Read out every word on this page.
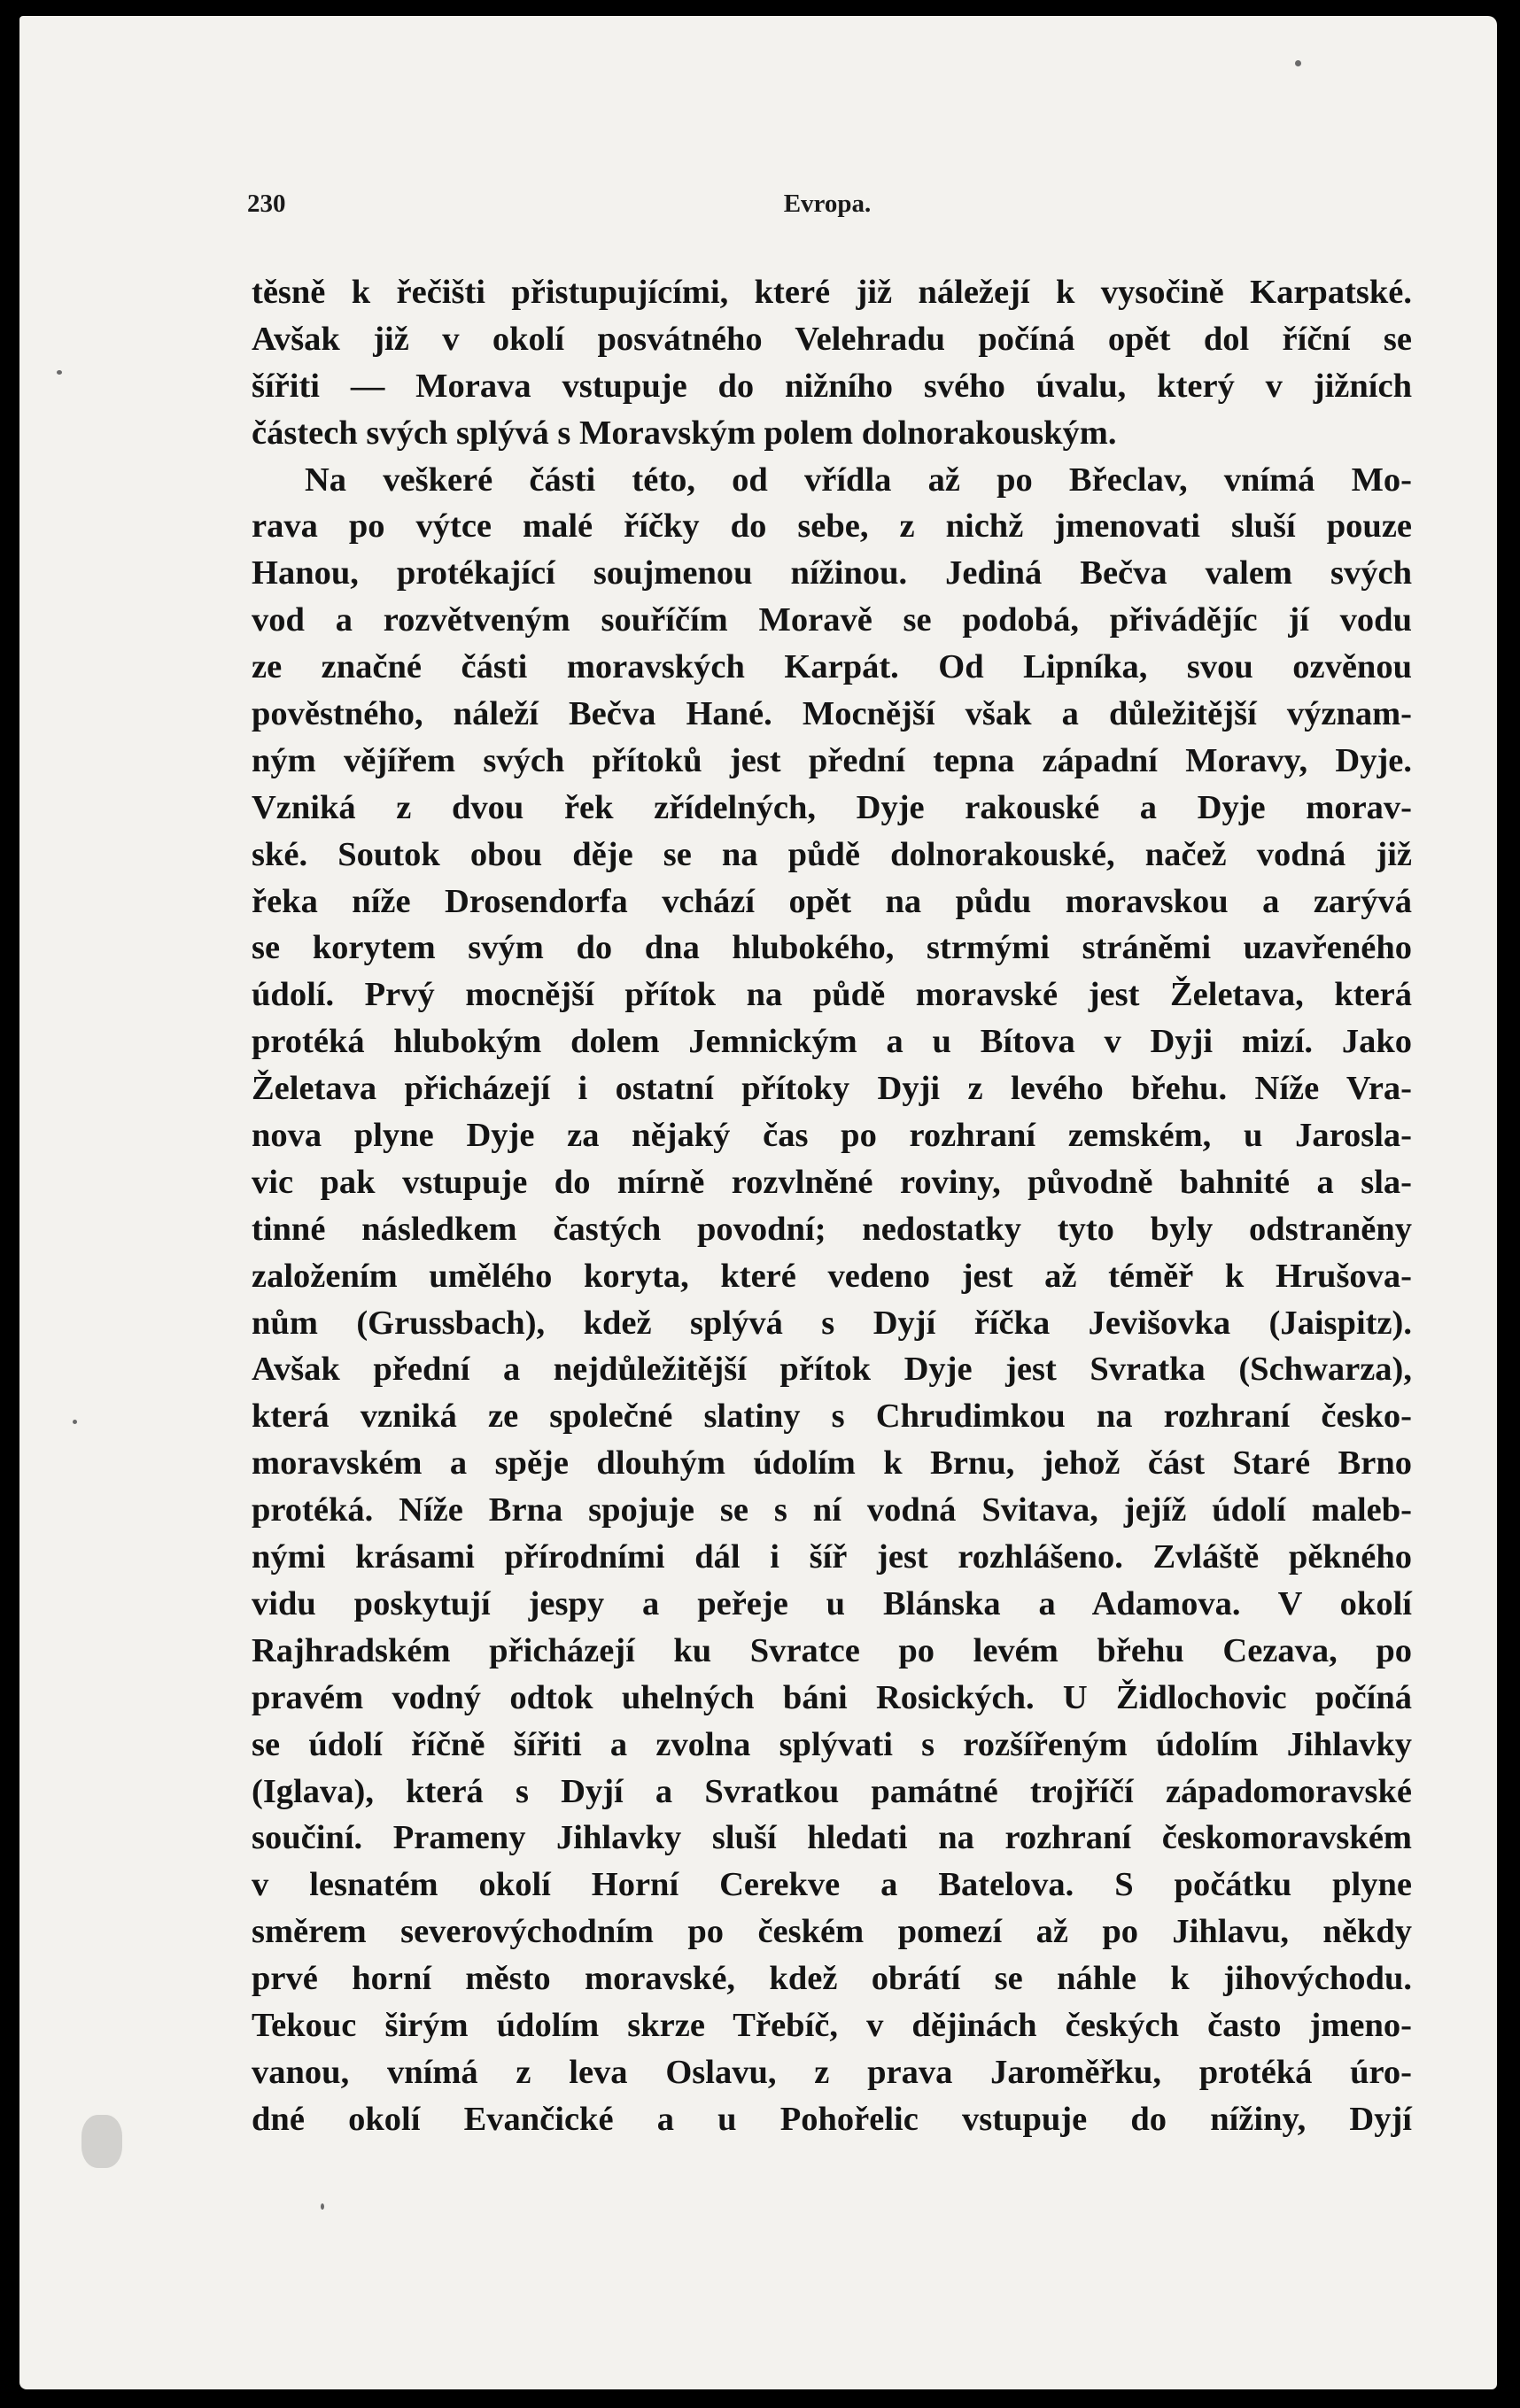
230	Evropa.
těsně k řečišti přistupujícími, které již náležejí k vysočině Karpatské.
Avšak již v okolí posvátného Velehradu počíná opět dol říční se
šířiti — Morava vstupuje do nižního svého úvalu, který v jižních
částech svých splývá s Moravským polem dolnorakouským.
Na veškeré části této, od vřídla až po Břeclav, vnímá Mo-
rava po výtce malé říčky do sebe, z nichž jmenovati sluší pouze
Hanou, protékající soujmenou nížinou. Jediná Bečva valem svých
vod a rozvětveným souříčím Moravě se podobá, přivádějíc jí vodu
ze značné části moravských Karpát. Od Lipníka, svou ozvěnou
pověstného, náleží Bečva Hané. Mocnější však a důležitější význam-
ným vějířem svých přítoků jest přední tepna západní Moravy, Dyje.
Vzniká z dvou řek zřídelných, Dyje rakouské a Dyje morav-
ské. Soutok obou děje se na půdě dolnorakouské, načež vodná již
řeka níže Drosendorfa vchází opět na půdu moravskou a zarývá
se korytem svým do dna hlubokého, strmými stráněmi uzavřeného
údolí. Prvý mocnější přítok na půdě moravské jest Želetava, která
protéká hlubokým dolem Jemnickým a u Bítova v Dyji mizí. Jako
Želetava přicházejí i ostatní přítoky Dyji z levého břehu. Níže Vra-
nova plyne Dyje za nějaký čas po rozhraní zemském, u Jarosla-
vic pak vstupuje do mírně rozvlněné roviny, původně bahnité a sla-
tinné následkem častých povodní; nedostatky tyto byly odstraněny
založením umělého koryta, které vedeno jest až téměř k Hrušova-
nům (Grussbach), kdež splývá s Dyjí říčka Jevišovka (Jaispitz).
Avšak přední a nejdůležitější přítok Dyje jest Svratka (Schwarza),
která vzniká ze společné slatiny s Chrudimkou na rozhraní česko-
moravském a spěje dlouhým údolím k Brnu, jehož část Staré Brno
protéká. Níže Brna spojuje se s ní vodná Svitava, jejíž údolí maleb-
nými krásami přírodními dál i šíř jest rozhlášeno. Zvláště pěkného
vidu poskytují jespy a peřeje u Blánska a Adamova. V okolí
Rajhradském přicházejí ku Svratce po levém břehu Cezava, po
pravém vodný odtok uhelných báni Rosických. U Židlochovic počíná
se údolí říčně šířiti a zvolna splývati s rozšířeným údolím Jihlavky
(Iglava), která s Dyjí a Svratkou památné trojříčí západomoravské
součiní. Prameny Jihlavky sluší hledati na rozhraní českomoravském
v lesnatém okolí Horní Cerekve a Batelova. S počátku plyne
směrem severovýchodním po českém pomezí až po Jihlavu, někdy
prvé horní město moravské, kdež obrátí se náhle k jihovýchodu.
Tekouc širým údolím skrze Třebíč, v dějinách českých často jmeno-
vanou, vnímá z leva Oslavu, z prava Jaroměřku, protéká úro-
dné okolí Evančické a u Pohořelic vstupuje do nížiny, Dyjí
